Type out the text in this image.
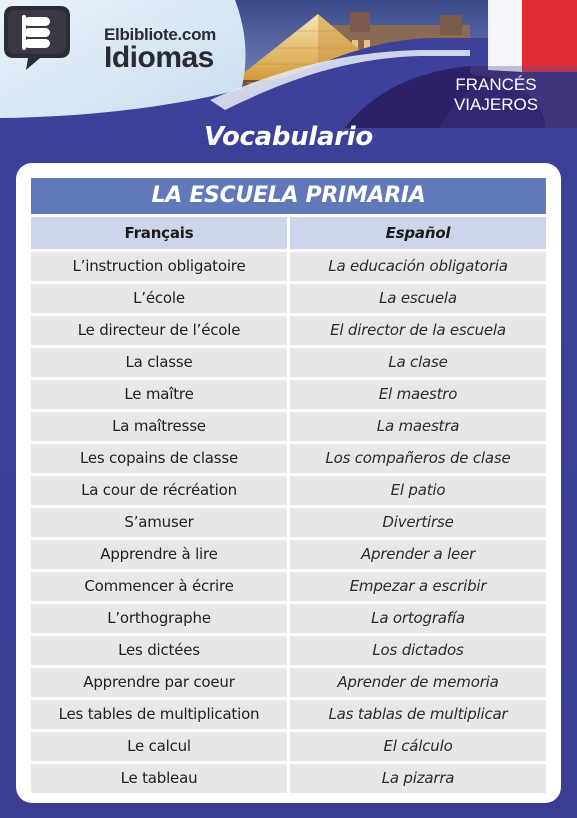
Elbibliote.com
Idiomas
FRANCÉS
VIAJEROS
Vocabulario
LA ESCUELA PRIMARIA
Français	Español
L’instruction obligatoire	La educación obligatoria
L’école	La escuela
Le directeur de l’école	El director de la escuela
La classe	La clase
Le maître	El maestro
La maîtresse	La maestra
Les copains de classe	Los compañeros de clase
La cour de récréation	El patio
S’amuser	Divertirse
Apprendre à lire	Aprender a leer
Commencer à écrire	Empezar a escribir
L’orthographe	La ortografía
Les dictées	Los dictados
Apprendre par coeur	Aprender de memoria
Les tables de multiplication	Las tablas de multiplicar
Le calcul	El cálculo
Le tableau	La pizarra
